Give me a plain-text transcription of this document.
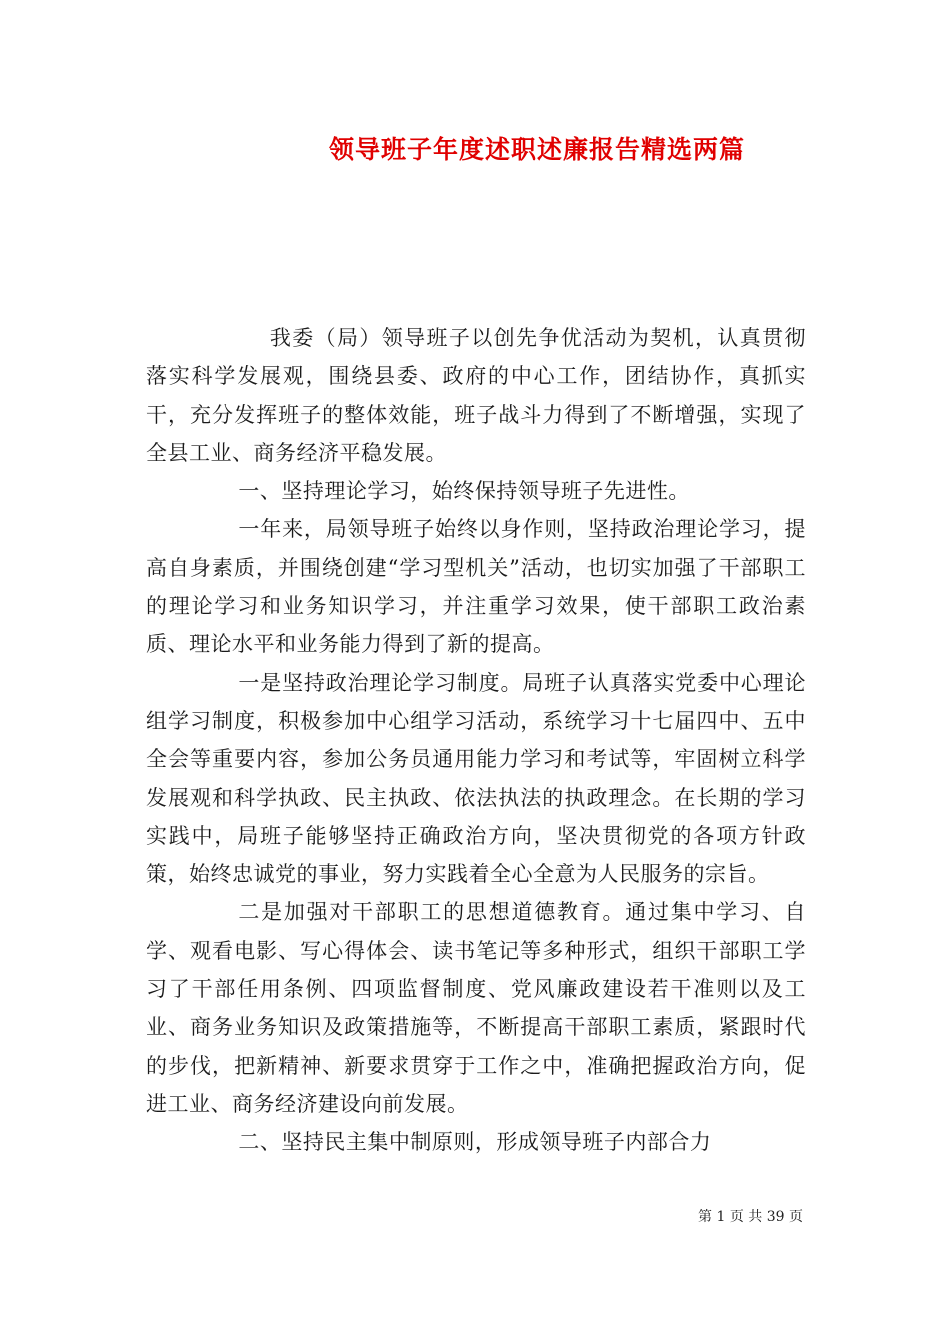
领导班子年度述职述廉报告精选两篇

我委（局）领导班子以创先争优活动为契机，认真贯彻落实科学发展观，围绕县委、政府的中心工作，团结协作，真抓实干，充分发挥班子的整体效能，班子战斗力得到了不断增强，实现了全县工业、商务经济平稳发展。

一、坚持理论学习，始终保持领导班子先进性。

一年来，局领导班子始终以身作则，坚持政治理论学习，提高自身素质，并围绕创建“学习型机关”活动，也切实加强了干部职工的理论学习和业务知识学习，并注重学习效果，使干部职工政治素质、理论水平和业务能力得到了新的提高。

一是坚持政治理论学习制度。局班子认真落实党委中心理论组学习制度，积极参加中心组学习活动，系统学习十七届四中、五中全会等重要内容，参加公务员通用能力学习和考试等，牢固树立科学发展观和科学执政、民主执政、依法执法的执政理念。在长期的学习实践中，局班子能够坚持正确政治方向，坚决贯彻党的各项方针政策，始终忠诚党的事业，努力实践着全心全意为人民服务的宗旨。

二是加强对干部职工的思想道德教育。通过集中学习、自学、观看电影、写心得体会、读书笔记等多种形式，组织干部职工学习了干部任用条例、四项监督制度、党风廉政建设若干准则以及工业、商务业务知识及政策措施等，不断提高干部职工素质，紧跟时代的步伐，把新精神、新要求贯穿于工作之中，准确把握政治方向，促进工业、商务经济建设向前发展。

二、坚持民主集中制原则，形成领导班子内部合力

第 1 页 共 39 页
